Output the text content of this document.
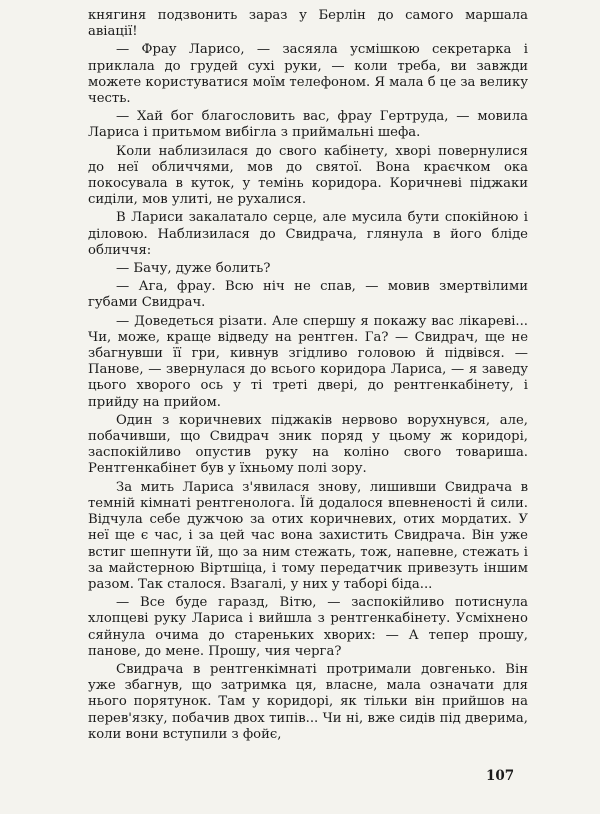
княгиня подзвонить зараз у Берлін до самого маршала авіації!

— Фрау Ларисо, — засяяла усмішкою секретарка і приклала до грудей сухі руки, — коли треба, ви завжди можете користуватися моїм телефоном. Я мала б це за велику честь.

— Хай бог благословить вас, фрау Гертруда, — мовила Лариса і притьмом вибігла з приймальні шефа.

Коли наблизилася до свого кабінету, хворі повернулися до неї обличчями, мов до святої. Вона краєчком ока покосувала в куток, у темінь коридора. Коричневі піджаки сиділи, мов улиті, не рухалися.

В Лариси закалатало серце, але мусила бути спокійною і діловою. Наблизилася до Свидрача, глянула в його бліде обличчя:

— Бачу, дуже болить?

— Ага, фрау. Всю ніч не спав, — мовив змертвілими губами Свидрач.

— Доведеться різати. Але спершу я покажу вас лікареві... Чи, може, краще відведу на рентген. Га? — Свидрач, ще не збагнувши її гри, кивнув згідливо головою й підвівся. — Панове, — звернулася до всього коридора Лариса, — я заведу цього хворого ось у ті треті двері, до рентгенкабінету, і прийду на прийом.

Один з коричневих піджаків нервово ворухнувся, але, побачивши, що Свидрач зник поряд у цьому ж коридорі, заспокійливо опустив руку на коліно свого товариша. Рентгенкабінет був у їхньому полі зору.

За мить Лариса з'явилася знову, лишивши Свидрача в темній кімнаті рентгенолога. Їй додалося впевненості й сили. Відчула себе дужчою за отих коричневих, отих мордатих. У неї ще є час, і за цей час вона захистить Свидрача. Він уже встиг шепнути їй, що за ним стежать, тож, напевне, стежать і за майстерною Віртшіца, і тому передатчик привезуть іншим разом. Так сталося. Взагалі, у них у таборі біда...

— Все буде гаразд, Вітю, — заспокійливо потиснула хлопцеві руку Лариса і вийшла з рентгенкабінету. Усміхнено сяйнула очима до старенькиx хворих: — А тепер прошу, панове, до мене. Прошу, чия черга?

Свидрача в рентгенкімнаті протримали довгенько. Він уже збагнув, що затримка ця, власне, мала означати для нього порятунок. Там у коридорі, як тільки він прийшов на перев'язку, побачив двох типів... Чи ні, вже сидів під дверима, коли вони вступили з фойє,

107
